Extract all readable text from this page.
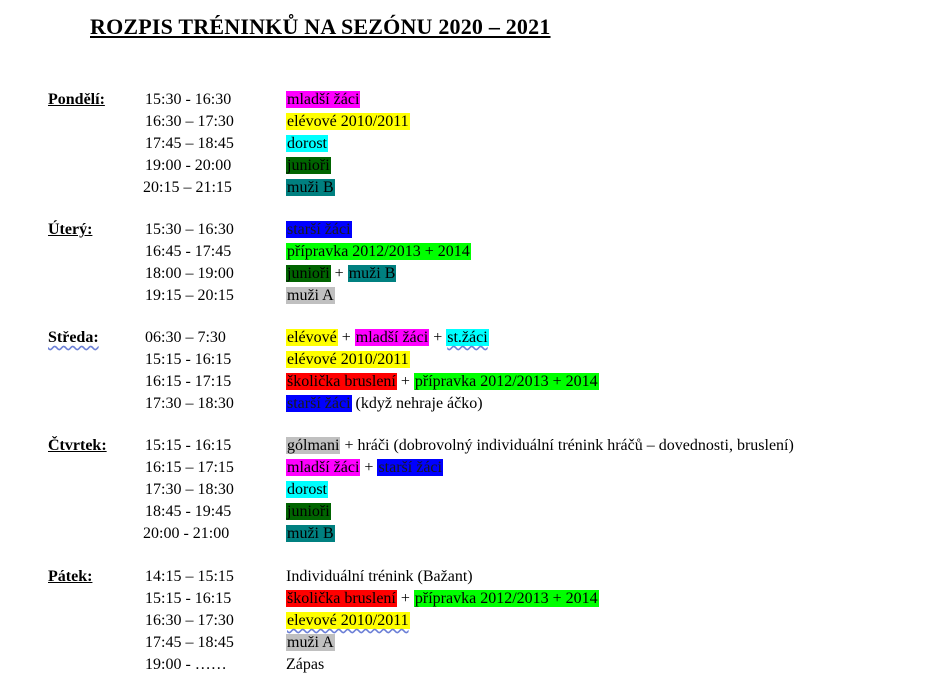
ROZPIS TRÉNINKŮ NA SEZÓNU 2020 – 2021
Pondělí:	15:30 - 16:30	mladší žáci
16:30 – 17:30	elévové 2010/2011
17:45 – 18:45	dorost
19:00 - 20:00	junioři
20:15 – 21:15	muži B
Úterý:	15:30 – 16:30	starší žáci
16:45 - 17:45	přípravka 2012/2013 + 2014
18:00 – 19:00	junioři + muži B
19:15 – 20:15	muži A
Středa:	06:30 – 7:30	elévové + mladší žáci + st.žáci
15:15 - 16:15	elévové 2010/2011
16:15 - 17:15	školička bruslení + přípravka 2012/2013 + 2014
17:30 – 18:30	starší žáci (když nehraje áčko)
Čtvrtek: 15:15 - 16:15	gólmani + hráči (dobrovolný individuální trénink hráčů – dovednosti, bruslení)
16:15 – 17:15	mladší žáci + starší žáci
17:30 – 18:30	dorost
18:45 - 19:45	junioři
20:00 - 21:00	muži B
Pátek:	14:15 – 15:15	Individuální trénink (Bažant)
15:15 - 16:15	školička bruslení + přípravka 2012/2013 + 2014
16:30 – 17:30	elevové 2010/2011
17:45 – 18:45	muži A
19:00 - ……	Zápas
